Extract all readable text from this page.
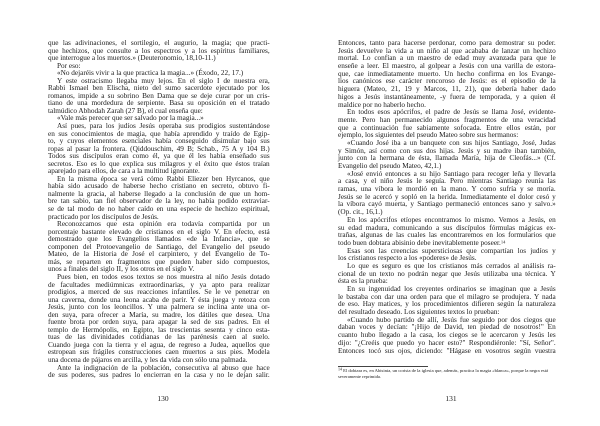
que las adivinaciones, el sortilegio, el augurio, la magia; que practi-
que hechizos, que consulte a los espectros y a los espíritus familiares,
que interrogue a los muertos.» (Deuteronomio, 18,10-11.)
Por eso:
«No dejaréis vivir a la que practica la magia...» (Éxodo, 22, 17.)
Y este ostracismo llegaba muy lejos. En el siglo I de nuestra era,
Rabbi Ismael ben Elischa, nieto del sumo sacerdote ejecutado por los
romanos, impide a su sobrino Ben Dama que se deje curar por un cris-
tiano de una mordedura de serpiente. Basa su oposición en el tratado
talmúdico Abhodah Zarah (27 B), el cual enseña que:
«Vale más perecer que ser salvado por la magia...»
Así pues, para los judíos Jesús operaba sus prodigios sustentándose
en sus conocimientos de magia, que había aprendido y traído de Egip-
to, y cuyos elementos esenciales había conseguido disimular bajo sus
ropas al pasar la frontera. (Qiddouschim, 49 B; Schab., 75 A y 104 B.)
Todos sus discípulos eran como él, ya que él les había enseñado sus
secretos. Eso es lo que explica sus milagros y el éxito que éstos traían
aparejado para ellos, de cara a la multitud ignorante.
En la misma época se verá cómo Rabbi Eliezer ben Hyrcanos, que
había sido acusado de haberse hecho cristiano en secreto, obtuvo fi-
nalmente la gracia, al haberse llegado a la conclusión de que un hom-
bre tan sabio, tan fiel observador de la ley, no había podido extraviar-
se de tal modo de no haber caído en una especie de hechizo espiritual,
practicado por los discípulos de Jesús.
Reconozcamos que esta opinión era todavía compartida por un
porcentaje bastante elevado de cristianos en el siglo V. En efecto, está
demostrado que los Evangelios llamados «de la Infancia», que se
componen del Protoevangelio de Santiago, del Evangelio del pseudo
Mateo, de la Historia de José el carpintero, y del Evangelio de To-
más, se reparten en fragmentos que pueden haber sido compuestos,
unos a finales del siglo II, y los otros en el siglo V.
Pues bien, en todos esos textos se nos muestra al niño Jesús dotado
de facultades mediúmnicas extraordinarias, y ya apto para realizar
prodigios, a merced de sus reacciones infantiles. Se le ve penetrar en
una caverna, donde una leona acaba de parir. Y ésta juega y retoza con
Jesús, junto con los leoncillos. Y una palmera se inclina ante una or-
den suya, para ofrecer a María, su madre, los dátiles que desea. Una
fuente brota por orden suya, para apagar la sed de sus padres. En el
templo de Hermópolis, en Egipto, las trescientas sesenta y cinco esta-
tuas de las divinidades cotidianas de las parénesis caen al suelo.
Cuando juega con la tierra y el agua, de regreso a Judea, aquellos que
estropean sus frágiles construcciones caen muertos a sus pies. Modela
una docena de pájaros en arcilla, y les da vida con sólo una palmada.
Ante la indignación de la población, consecutiva al abuso que hace
de sus poderes, sus padres lo encierran en la casa y no le dejan salir.
130
Entonces, tanto para hacerse perdonar, como para demostrar su poder.
Jesús devuelve la vida a un niño al que acababa de lanzar un hechizo
mortal. Lo confían a un maestro de edad muy avanzada para que le
enseñe a leer. El maestro, al golpear a Jesús con una varilla de estora-
que, cae inmediatamente muerto. Un hecho confirma en los Evange-
lios canónicos ese carácter rencoroso de Jesús: es el episodio de la
higuera (Mateo, 21, 19 y Marcos, 11, 21), que debería haber dado
higos a Jesús instantáneamente, -y fuera de temporada, y a quien él
maldice por no haberlo hecho.
En todos esos apócrifos, el padre de Jesús se llama José, evidente-
mente. Pero han permanecido algunos fragmentos de una veracidad
que a continuación fue sabiamente sofocada. Entre ellos están, por
ejemplo, los siguientes del pseudo Mateo sobre sus hermanos:
«Cuando José iba a un banquete con sus hijos Santiago, José, Judas
y Simón, así como con sus dos hijas. Jesús y su madre iban también,
junto con la hermana de ésta, llamada María, hija de Cleofás...» (Cf.
Evangelio del pseudo Mateo, 42,1.)
«José envió entonces a su hijo Santiago para recoger leña y llevarla
a casa, y el niño Jesús le seguía. Pero mientras Santiago reunía las
ramas, una víbora le mordió en la mano. Y como sufría y se moría.
Jesús se le acercó y sopló en la herida. Inmediatamente el dolor cesó y
la víbora cayó muerta, y Santiago permaneció entonces sano y salvo.»
(Op. cit., 16,1.)
En los apócrifos etíopes encontramos lo mismo. Vemos a Jesús, en
su edad madura, comunicando a sus discípulos fórmulas mágicas ex-
trañas, algunas de las cuales las encontraremos en los formularios que
todo buen dobtara abisinio debe inevitablemente poseer.$^{14}$
Esas son las creencias supersticiosas que compartían los judíos y
los cristianos respecto a los «poderes» de Jesús.
Lo que es seguro es que los cristianos más cerrados al análisis ra-
cional de un texto no podrán negar que Jesús utilizaba una técnica. Y
ésta es la prueba:
En su ingenuidad los creyentes ordinarios se imaginan que a Jesús
le bastaba con dar una orden para que el milagro se produjera. Y nada
de eso. Hay matices, y los procedimientos difieren según la naturaleza
del resultado deseado. Los siguientes textos lo prueban:
«Cuando hubo partido de allí, Jesús fue seguido por dos ciegos que
daban voces y decían: "¡Hijo de David, ten piedad de nosotros!" En
cuanto hubo llegado a la casa, los ciegos se le acercaron y Jesús les
dijo: "¿Creéis que puedo yo hacer esto?" Respondiéronle: "Sí, Señor".
Entonces tocó sus ojos, diciendo: "Hágase en vosotros según vuestra
$^{14}$ El dobtara es, en Abisinia, un corista de la iglesia que, además, practica la magia «blanca», porque la negra está severamente reprimida.
131
